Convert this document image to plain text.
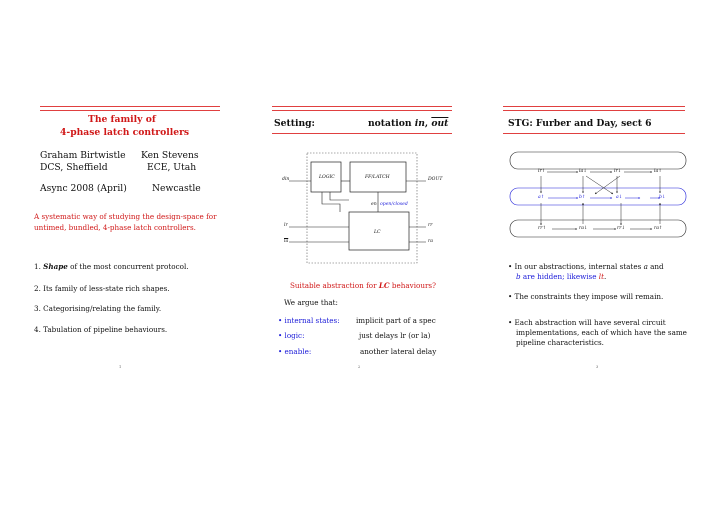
The family of
4-phase latch controllers
Graham Birtwistle Ken Stevens
DCS, Sheffield	ECE, Utah
Async 2008 (April)	Newcastle
A systematic way of studying the design-space for untimed, bundled, 4-phase latch controllers.
1. Shape of the most concurrent protocol.
2. Its family of less-state rich shapes.
3. Categorising/relating the family.
4. Tabulation of pipeline behaviours.
1
Setting:	notation in, $\overline{out}$
LOGIC	FF/LATCH
din	DOUT
en open/closed
LC
lr
$\overline{la}$
rr
ra
Suitable abstraction for LC behaviours?
We argue that:
• internal states: implicit part of a spec
• logic:	just delays lr (or la)
• enable:	another lateral delay
2
STG: Furber and Day, sect 6
lr↑	la↓	lr↓	la↑
a↑	b↑	a↓	b↓
rr↑	ra↓	rr↓	ra↑
• In our abstractions, internal states a and
b are hidden; likewise lt.
• The constraints they impose will remain.
• Each abstraction will have several circuit implementations, each of which have the same pipeline characteristics.
3
